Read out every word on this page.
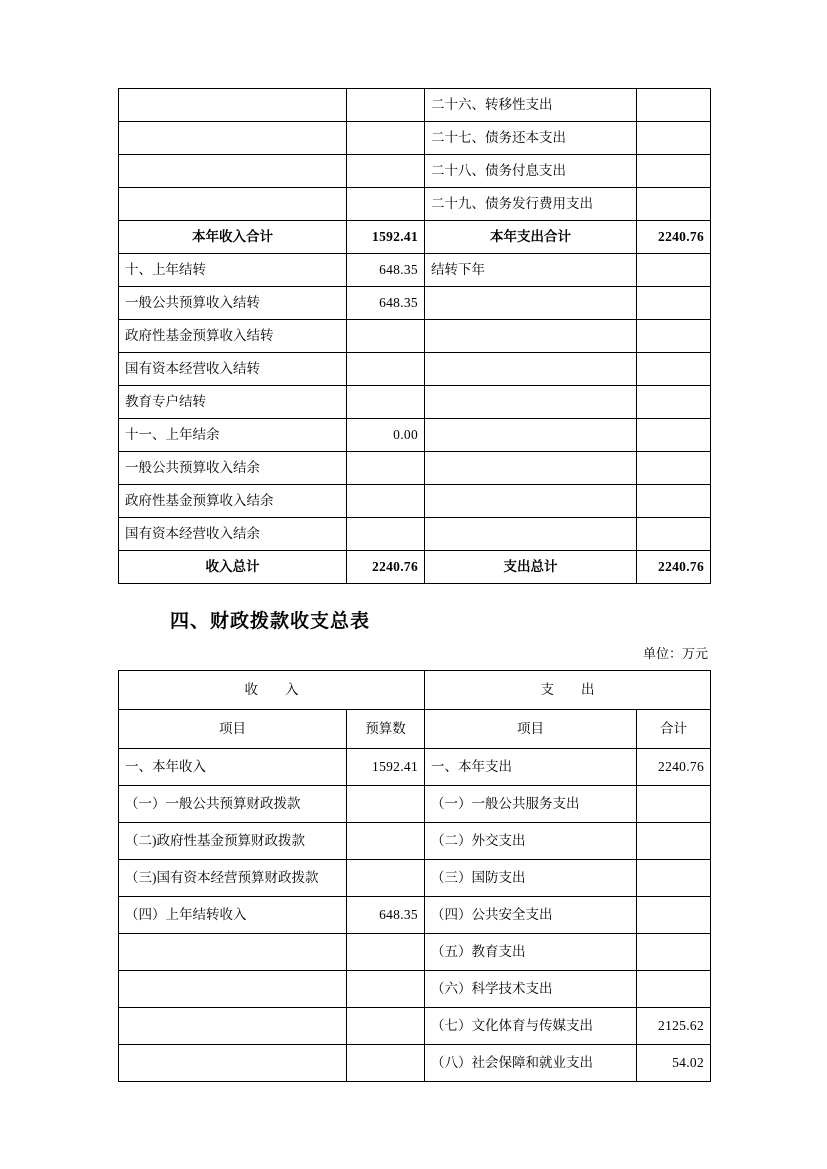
		二十六、转移性支出	
		二十七、债务还本支出	
		二十八、债务付息支出	
		二十九、债务发行费用支出	
本年收入合计	1592.41	本年支出合计	2240.76
十、上年结转	648.35	结转下年	
一般公共预算收入结转	648.35		
政府性基金预算收入结转			
国有资本经营收入结转			
教育专户结转			
十一、上年结余	0.00		
一般公共预算收入结余			
政府性基金预算收入结余			
国有资本经营收入结余			
收入总计	2240.76	支出总计	2240.76
四、财政拨款收支总表
单位：万元
收　　入		支　　出	
项目	预算数	项目	合计
一、本年收入	1592.41	一、本年支出	2240.76
（一）一般公共预算财政拨款		（一）一般公共服务支出	
（二)政府性基金预算财政拨款		（二）外交支出	
（三)国有资本经营预算财政拨款		（三）国防支出	
（四）上年结转收入	648.35	（四）公共安全支出	
		（五）教育支出	
		（六）科学技术支出	
		（七）文化体育与传媒支出	2125.62
		（八）社会保障和就业支出	54.02
